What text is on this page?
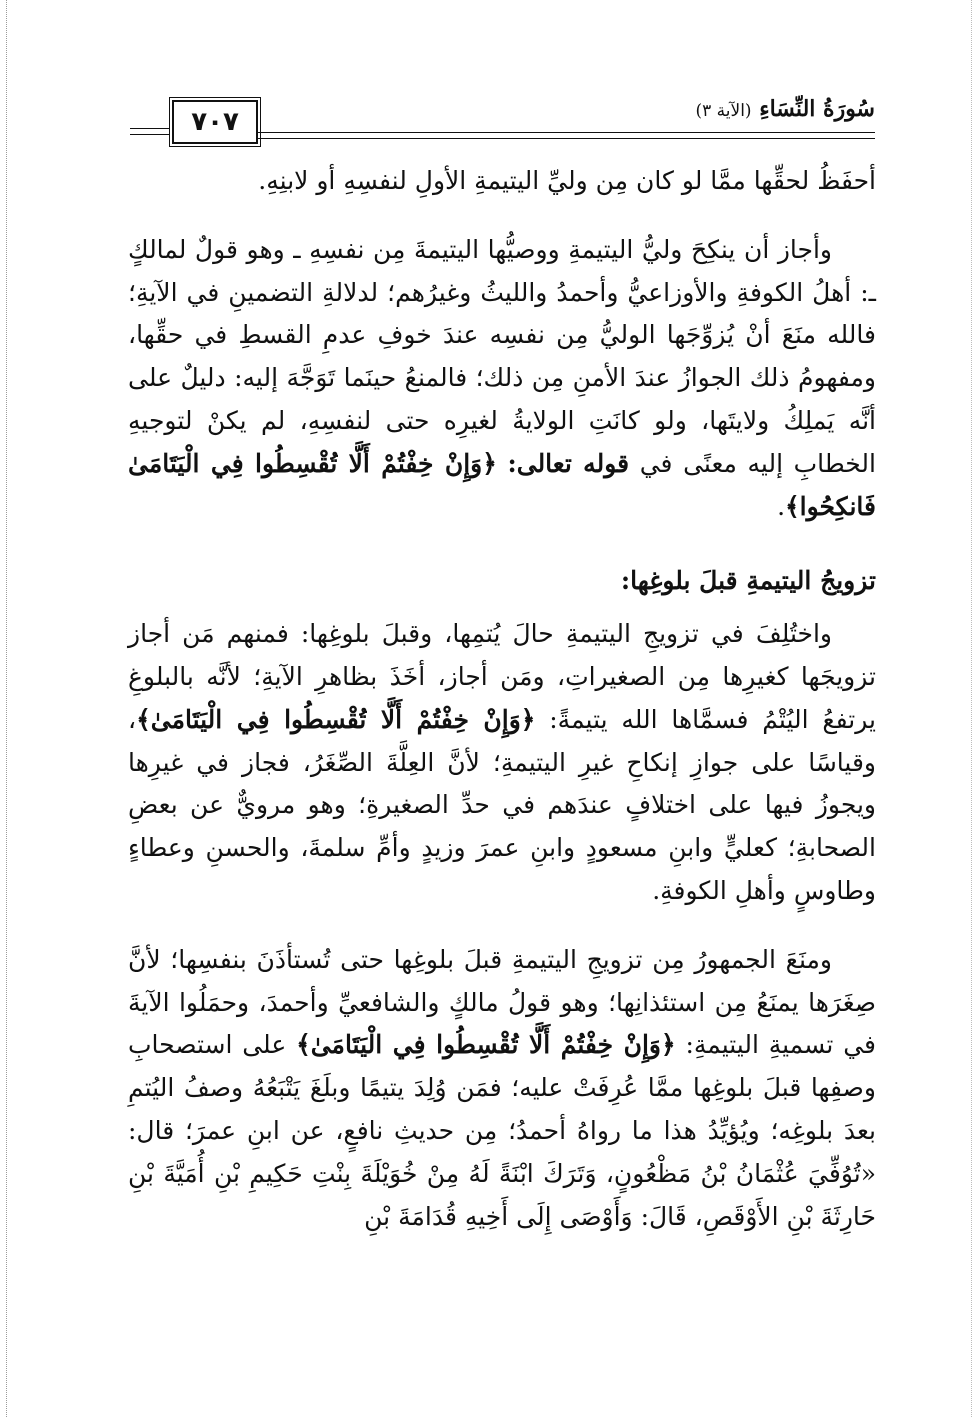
٧٠٧	سُورَةُ النِّسَاءِ (الآية ٣)

أحفَظُ لحقِّها ممَّا لو كان مِن وليِّ اليتيمةِ الأولِ لنفسِهِ أو لابنِهِ.

وأجاز أن ينكِحَ وليُّ اليتيمةِ ووصيُّها اليتيمةَ مِن نفسِهِ ـ وهو قولٌ لمالكٍ ـ: أهلُ الكوفةِ والأوزاعيُّ وأحمدُ والليثُ وغيرُهم؛ لدلالةِ التضمينِ في الآيةِ؛ فالله منَعَ أنْ يُزوِّجَها الوليُّ مِن نفسِه عندَ خوفِ عدمِ القسطِ في حقِّها، ومفهومُ ذلك الجوازُ عندَ الأمنِ مِن ذلك؛ فالمنعُ حينَما تَوَجَّهَ إليه: دليلٌ على أنَّه يَملِكُ ولايتَها، ولو كانَتِ الولايةُ لغيرِه حتى لنفسِهِ، لم يكنْ لتوجيهِ الخطابِ إليه معنًى في قوله تعالى: ﴿وَإِنْ خِفْتُمْ أَلَّا تُقْسِطُوا فِي الْيَتَامَىٰ فَانكِحُوا﴾.

تزويجُ اليتيمةِ قبلَ بلوغِها:

واختُلِفَ في تزويجِ اليتيمةِ حالَ يُتمِها، وقبلَ بلوغِها: فمنهم مَن أجاز تزويجَها كغيرِها مِن الصغيراتِ، ومَن أجاز، أخَذَ بظاهرِ الآيةِ؛ لأنَّه بالبلوغِ يرتفعُ اليُتْمُ فسمَّاها الله يتيمةً: ﴿وَإِنْ خِفْتُمْ أَلَّا تُقْسِطُوا فِي الْيَتَامَىٰ﴾، وقياسًا على جوازِ إنكاحِ غيرِ اليتيمةِ؛ لأنَّ العِلَّةَ الصِّغَرُ، فجاز في غيرِها ويجوزُ فيها على اختلافٍ عندَهم في حدِّ الصغيرةِ؛ وهو مرويٌّ عن بعضِ الصحابةِ؛ كعليٍّ وابنِ مسعودٍ وابنِ عمرَ وزيدٍ وأمِّ سلمةَ، والحسنِ وعطاءٍ وطاوسٍ وأهلِ الكوفةِ.

ومنَعَ الجمهورُ مِن تزويجِ اليتيمةِ قبلَ بلوغِها حتى تُستأذَنَ بنفسِها؛ لأنَّ صِغَرَها يمنَعُ مِن استئذانِها؛ وهو قولُ مالكٍ والشافعيِّ وأحمدَ، وحمَلُوا الآيةَ في تسميةِ اليتيمةِ: ﴿وَإِنْ خِفْتُمْ أَلَّا تُقْسِطُوا فِي الْيَتَامَىٰ﴾ على استصحابِ وصفِها قبلَ بلوغِها ممَّا عُرِفَتْ عليه؛ فمَن وُلِدَ يتيمًا وبلَغَ يَتْبَعُهُ وصفُ اليُتمِ بعدَ بلوغِه؛ ويُؤيِّدُ هذا ما رواهُ أحمدُ؛ مِن حديثِ نافعٍ، عن ابنِ عمرَ؛ قال: «تُوُفِّيَ عُثْمَانُ بْنُ مَظْعُونٍ، وَتَرَكَ ابْنَةً لَهُ مِنْ خُوَيْلَةَ بِنْتِ حَكِيمِ بْنِ أُمَيَّةَ بْنِ حَارِثَةَ بْنِ الأَوْقَصِ، قَالَ: وَأَوْصَى إِلَى أَخِيهِ قُدَامَةَ بْنِ
